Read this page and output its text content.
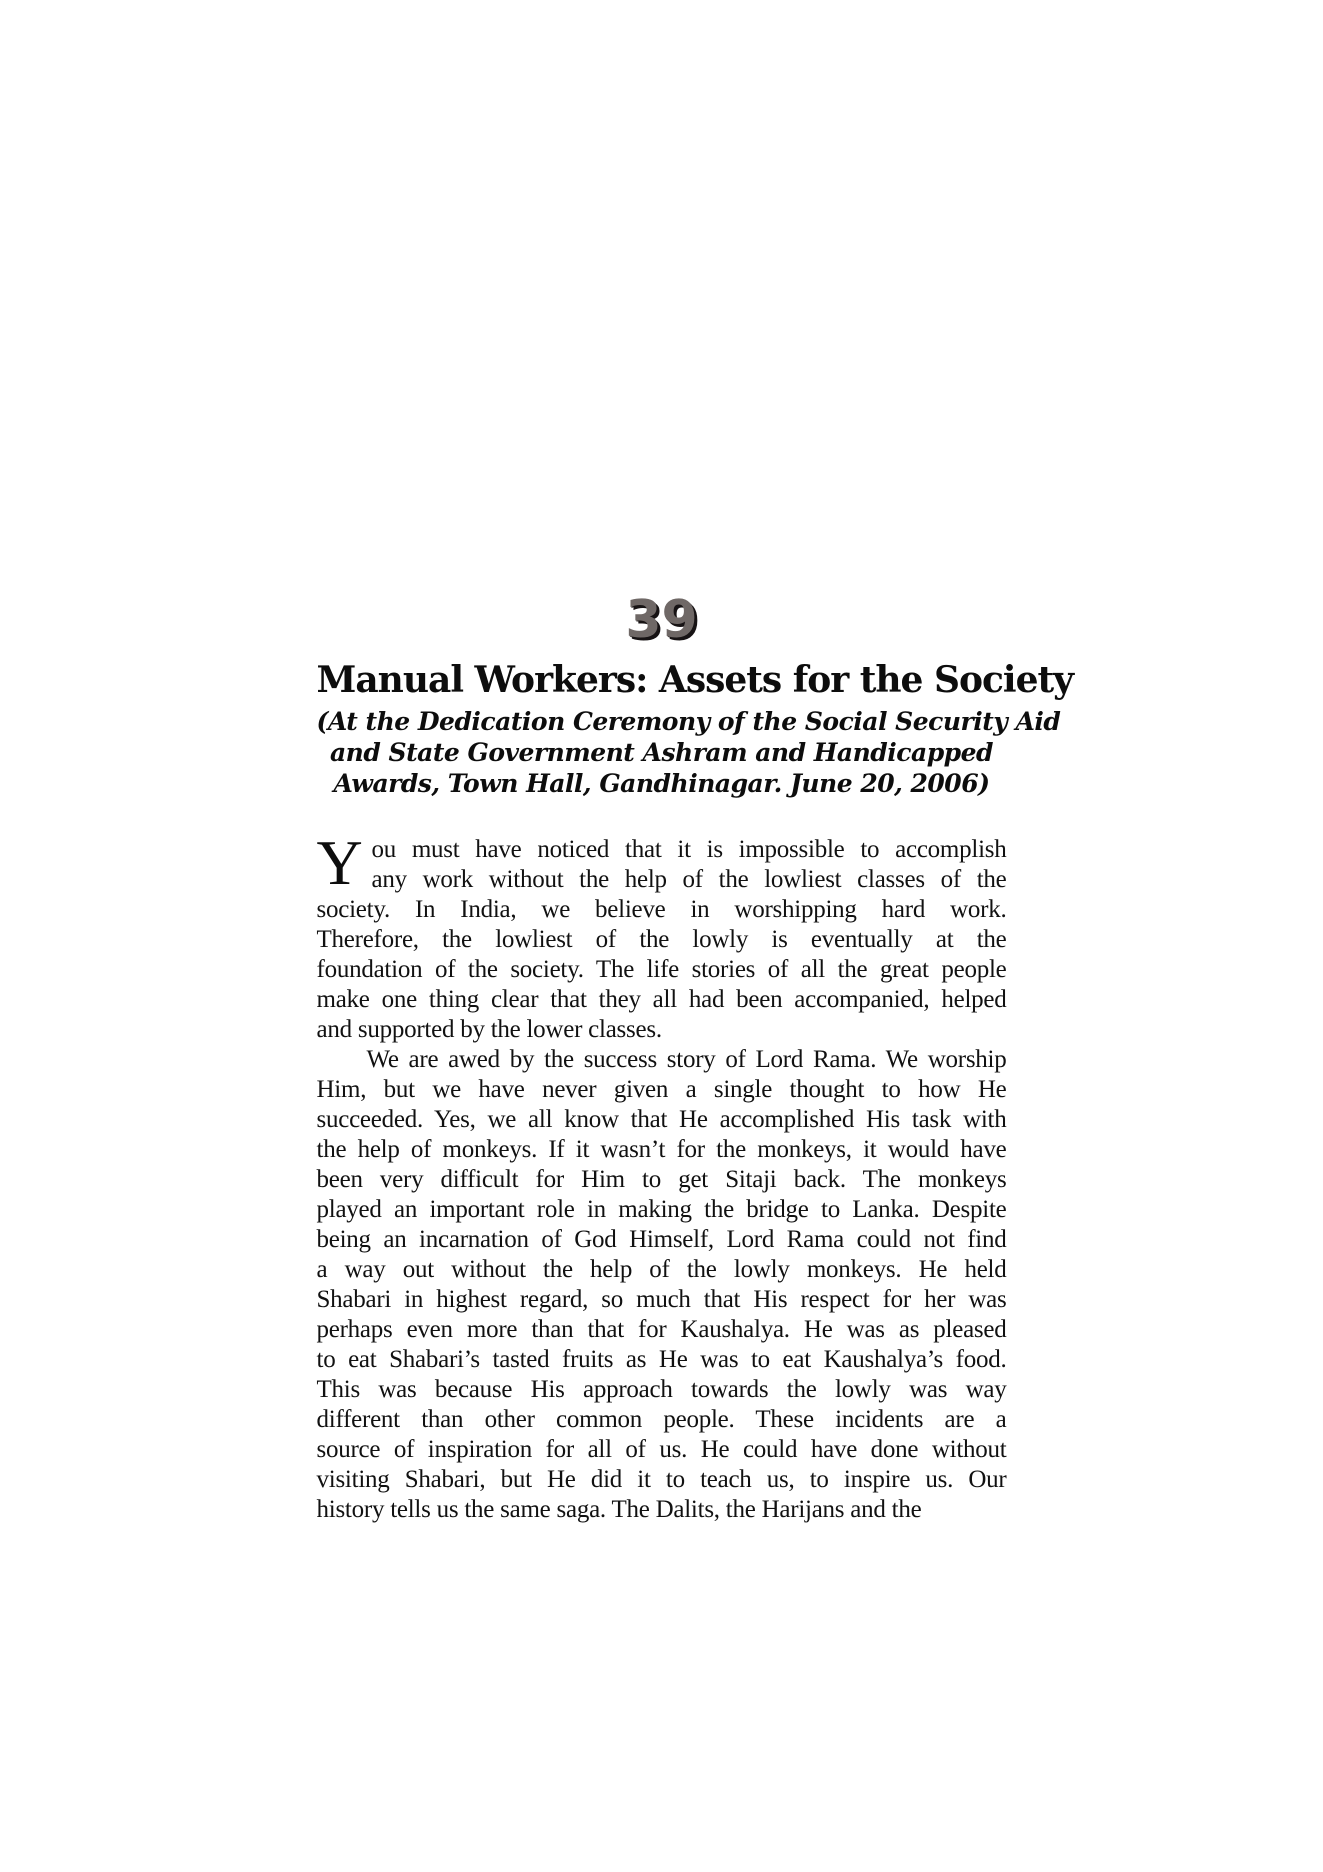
39
Manual Workers: Assets for the Society
(At the Dedication Ceremony of the Social Security Aid
and State Government Ashram and Handicapped
Awards, Town Hall, Gandhinagar. June 20, 2006)
Y ou must have noticed that it is impossible to accomplish
any work without the help of the lowliest classes of the
society. In India, we believe in worshipping hard work.
Therefore, the lowliest of the lowly is eventually at the
foundation of the society. The life stories of all the great people
make one thing clear that they all had been accompanied, helped
and supported by the lower classes.
We are awed by the success story of Lord Rama. We worship
Him, but we have never given a single thought to how He
succeeded. Yes, we all know that He accomplished His task with
the help of monkeys. If it wasn’t for the monkeys, it would have
been very difficult for Him to get Sitaji back. The monkeys
played an important role in making the bridge to Lanka. Despite
being an incarnation of God Himself, Lord Rama could not find
a way out without the help of the lowly monkeys. He held
Shabari in highest regard, so much that His respect for her was
perhaps even more than that for Kaushalya. He was as pleased
to eat Shabari’s tasted fruits as He was to eat Kaushalya’s food.
This was because His approach towards the lowly was way
different than other common people. These incidents are a
source of inspiration for all of us. He could have done without
visiting Shabari, but He did it to teach us, to inspire us. Our
history tells us the same saga. The Dalits, the Harijans and the
